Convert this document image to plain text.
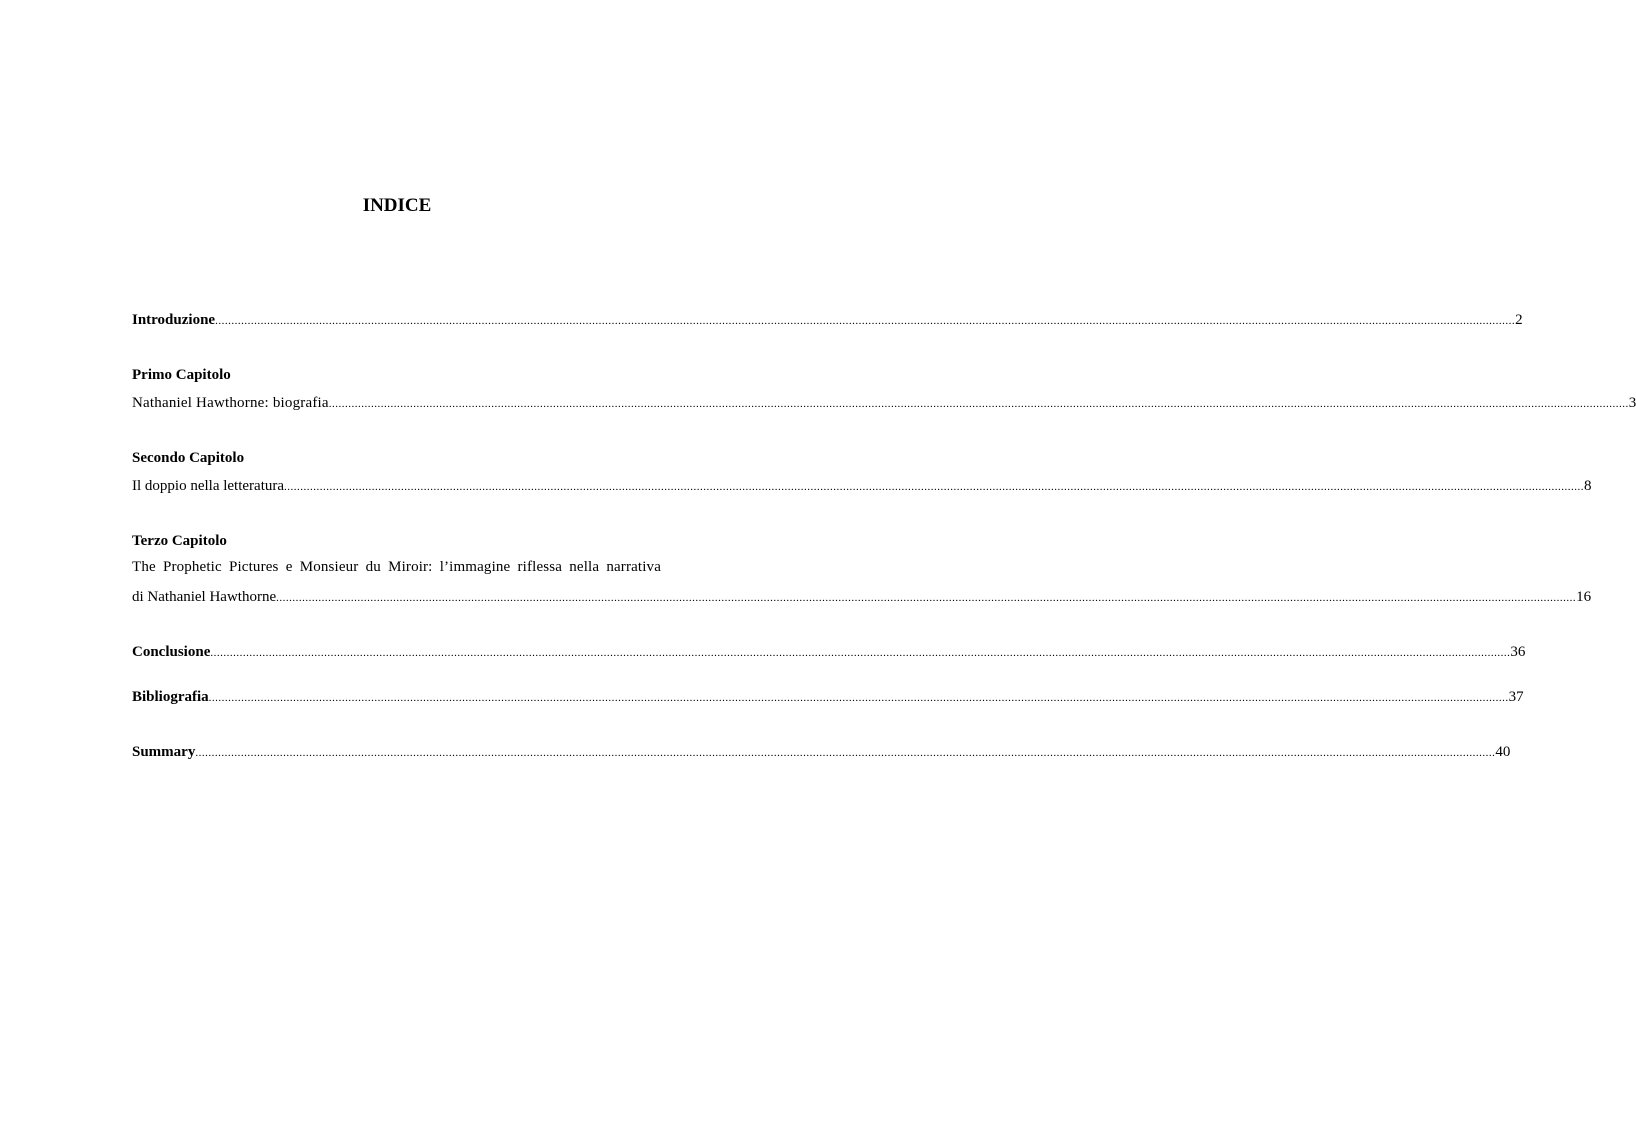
INDICE
Introduzione ................................................................................................................................................................................................................................................................................................................................................................................................................ 2
Primo Capitolo
Nathaniel Hawthorne: biografia ................................................................................................................................................................................................................................................................................................................................................................................................................ 3
Secondo Capitolo
Il doppio nella letteratura ................................................................................................................................................................................................................................................................................................................................................................................................................ 8
Terzo Capitolo
The Prophetic Pictures e Monsieur du Miroir: l’immagine riflessa nella narrativa
di Nathaniel Hawthorne ................................................................................................................................................................................................................................................................................................................................................................................................................ 16
Conclusione ................................................................................................................................................................................................................................................................................................................................................................................................................ 36
Bibliografia ................................................................................................................................................................................................................................................................................................................................................................................................................ 37
Summary ................................................................................................................................................................................................................................................................................................................................................................................................................ 40
